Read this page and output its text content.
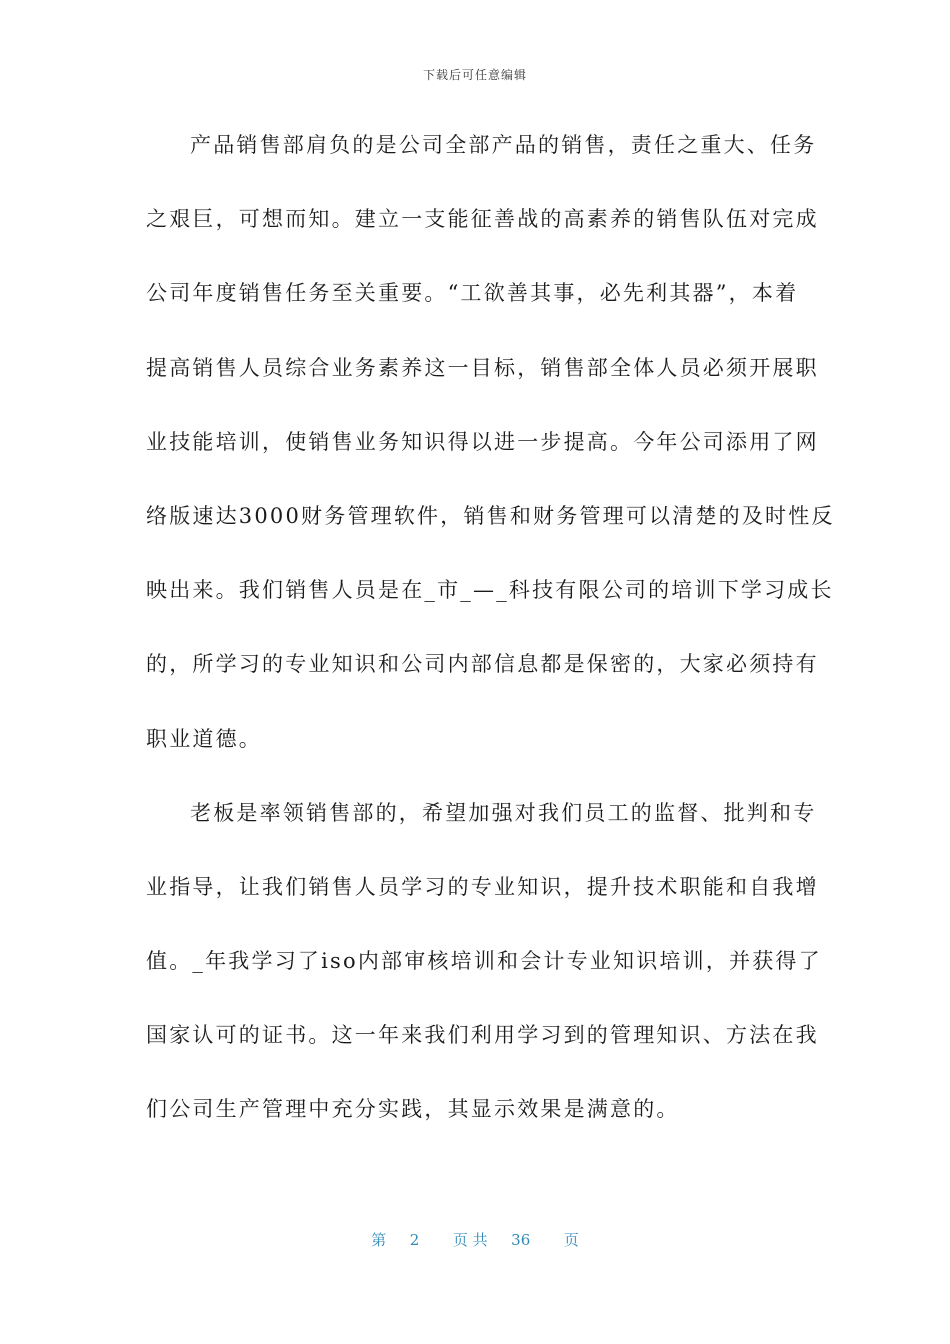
下载后可任意编辑
产品销售部肩负的是公司全部产品的销售，责任之重大、任务
之艰巨，可想而知。建立一支能征善战的高素养的销售队伍对完成
公司年度销售任务至关重要。“工欲善其事，必先利其器”，本着
提高销售人员综合业务素养这一目标，销售部全体人员必须开展职
业技能培训，使销售业务知识得以进一步提高。今年公司添用了网
络版速达3000财务管理软件，销售和财务管理可以清楚的及时性反
映出来。我们销售人员是在_市_—_科技有限公司的培训下学习成长
的，所学习的专业知识和公司内部信息都是保密的，大家必须持有
职业道德。
老板是率领销售部的，希望加强对我们员工的监督、批判和专
业指导，让我们销售人员学习的专业知识，提升技术职能和自我增
值。_年我学习了iso内部审核培训和会计专业知识培训，并获得了
国家认可的证书。这一年来我们利用学习到的管理知识、方法在我
们公司生产管理中充分实践，其显示效果是满意的。
第 2 页 共 36 页
